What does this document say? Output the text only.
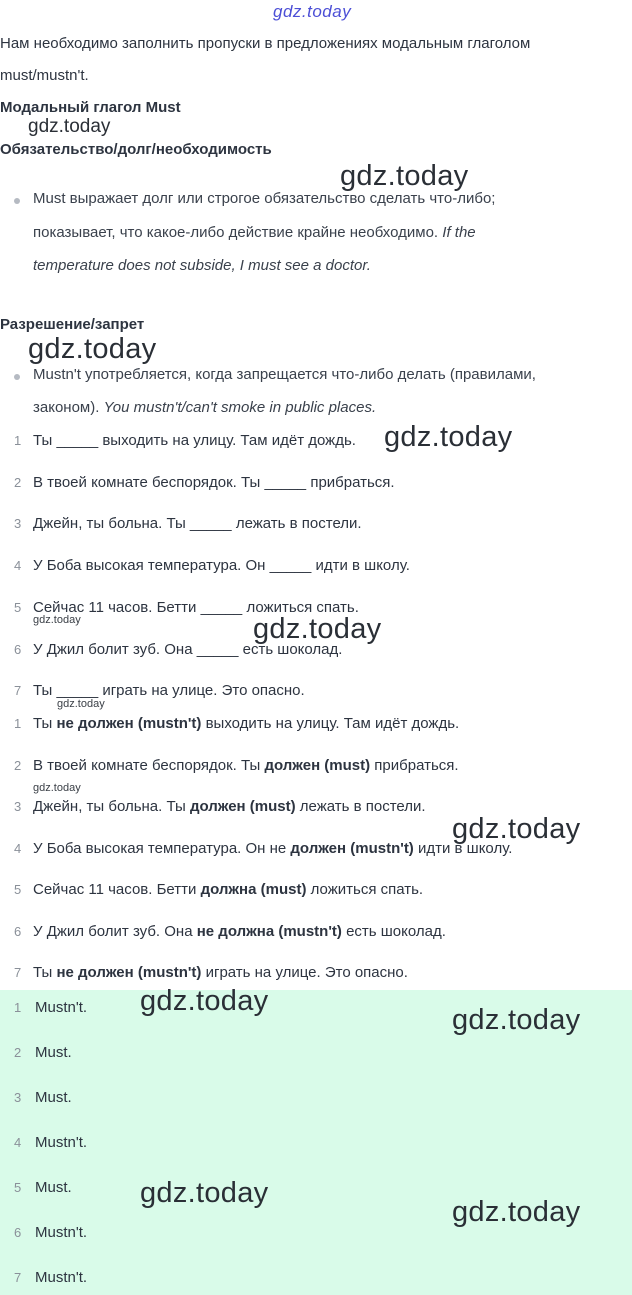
gdz.today
Нам необходимо заполнить пропуски в предложениях модальным глаголом
must/mustn't.
Модальный глагол Must
Обязательство/долг/необходимость
Must выражает долг или строгое обязательство сделать что-либо;
показывает, что какое-либо действие крайне необходимо. If the
temperature does not subside, I must see a doctor.
Разрешение/запрет
Mustn't употребляется, когда запрещается что-либо делать (правилами,
законом). You mustn't/can't smoke in public places.
1 Ты _____ выходить на улицу. Там идёт дождь.
2 В твоей комнате беспорядок. Ты _____ прибраться.
3 Джейн, ты больна. Ты _____ лежать в постели.
4 У Боба высокая температура. Он _____ идти в школу.
5 Сейчас 11 часов. Бетти _____ ложиться спать.
6 У Джил болит зуб. Она _____ есть шоколад.
7 Ты _____ играть на улице. Это опасно.
1 Ты не должен (mustn't) выходить на улицу. Там идёт дождь.
2 В твоей комнате беспорядок. Ты должен (must) прибраться.
3 Джейн, ты больна. Ты должен (must) лежать в постели.
4 У Боба высокая температура. Он не должен (mustn't) идти в школу.
5 Сейчас 11 часов. Бетти должна (must) ложиться спать.
6 У Джил болит зуб. Она не должна (mustn't) есть шоколад.
7 Ты не должен (mustn't) играть на улице. Это опасно.
1 Mustn't.
2 Must.
3 Must.
4 Mustn't.
5 Must.
6 Mustn't.
7 Mustn't.
gdz.today
gdz.today
gdz.today
gdz.today
gdz.today	gdz.today
gdz.today
gdz.today
gdz.today
gdz.today
gdz.today
gdz.today
gdz.today
